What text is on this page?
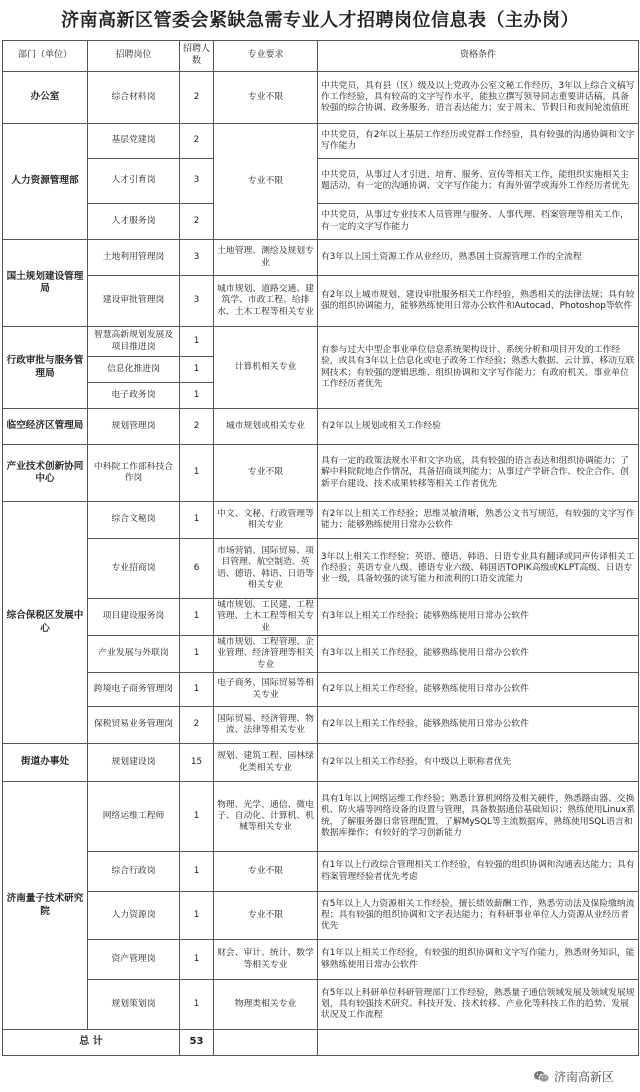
济南高新区管委会紧缺急需专业人才招聘岗位信息表（主办岗）
部门（单位）	招聘岗位	招聘人数	专业要求	资格条件
办公室	综合材料岗	2	专业不限	中共党员，具有县（区）级及以上党政办公室文秘工作经历，3年以上综合文稿写作工作经验，具有较高的文字写作水平，能独立撰写领导同志重要讲话稿，具备较强的综合协调、政务服务、语言表达能力；安于周末、节假日和夜间轮流值班
人力资源管理部	基层党建岗	2	专业不限	中共党员，有2年以上基层工作经历或党群工作经验，具有较强的沟通协调和文字写作能力
	人才引育岗	3		中共党员，从事过人才引进、培育、服务、宣传等相关工作，能组织实施相关主题活动，有一定的沟通协调、文字写作能力；有海外留学或海外工作经历者优先
	人才服务岗	2		中共党员，从事过专业技术人员管理与服务、人事代理、档案管理等相关工作，有一定的文字写作能力
国土规划建设管理局	土地利用管理岗	3	土地管理、测绘及规划专业	有3年以上国土资源工作从业经历，熟悉国土资源管理工作的全流程
	建设审批管理岗	3	城市规划、道路交通、建筑学、市政工程、给排水、土木工程等相关专业	有2年以上城市规划、建设审批服务相关工作经验，熟悉相关的法律法规；具有较强的组织协调能力，能够熟练使用日常办公软件和Autocad、Photoshop等软件
行政审批与服务管理局	智慧高新规划发展及项目推进岗	1	计算机相关专业	有参与过大中型企事业单位信息系统架构设计、系统分析和项目开发的工作经验，或具有3年以上信息化或电子政务工作经验；熟悉大数据、云计算、移动互联网技术；有较强的逻辑思维、组织协调和文字写作能力；有政府机关、事业单位工作经历者优先
	信息化推进岗	1		
	电子政务岗	1		
临空经济区管理局	规划管理岗	2	城市规划或相关专业	有2年以上规划或相关工作经验
产业技术创新协同中心	中科院工作部科技合作岗	1	专业不限	具有一定的政策法规水平和文字功底，具有较强的语言表达和组织协调能力；了解中科院院地合作情况，具备招商谈判能力；从事过产学研合作、校企合作、创新平台建设、技术成果转移等相关工作者优先
综合保税区发展中心	综合文秘岗	1	中文、文秘、行政管理等相关专业	有2年以上相关工作经验；思维灵敏清晰，熟悉公文书写规范，有较强的文字写作能力；能够熟练使用日常办公软件
	专业招商岗	6	市场营销、国际贸易、项目管理、航空制造、英语、德语、韩语、日语等相关专业	3年以上相关工作经验；英语、德语、韩语、日语专业具有翻译或同声传译相关工作经验；英语专业八级、德语专业六级、韩国语TOPIK高级或KLPT高级、日语专业一级，具备较强的读写能力和流利的口语交流能力
	项目建设服务岗	1	城市规划、工民建、工程管理、土木工程等相关专业	有3年以上相关工作经验；能够熟练使用日常办公软件
	产业发展与外联岗	1	城市规划、工程管理、企业管理、经济管理等相关专业	有3年以上相关工作经验，能够熟练使用日常办公软件
	跨境电子商务管理岗	1	电子商务、国际贸易等相关专业	有2年以上相关工作经验，能够熟练使用日常办公软件
	保税贸易业务管理岗	2	国际贸易、经济管理、物流、法律等相关专业	有2年以上相关工作经验，能够熟练使用日常办公软件
街道办事处	规划建设岗	15	规划、建筑工程、园林绿化类相关专业	有2年以上相关工作经验，有中级以上职称者优先
济南量子技术研究院	网络运维工程师	1	物理、光学、通信、微电子、自动化、计算机、机械等相关专业	具有1年以上网络运维工作经验；熟悉计算机网络及相关硬件，熟悉路由器、交换机、防火墙等网络设备的设置与管理，具备数据通信基础知识；熟练使用Linux系统，了解服务器日常管理配置，了解MySQL等主流数据库，熟练使用SQL语言和数据库操作；有较好的学习创新能力
	综合行政岗	1	专业不限	有1年以上行政综合管理相关工作经验，有较强的组织协调和沟通表达能力；具有档案管理经验者优先考虑
	人力资源岗	1	专业不限	有5年以上人力资源相关工作经验，擅长绩效薪酬工作，熟悉劳动法及保险缴纳流程；具有较强的组织协调和文字表达能力；有科研事业单位人力资源从业经历者优先
	资产管理岗	1	财会、审计、统计、数学等相关专业	有1年以上相关工作经验，有较强的组织协调和文字写作能力，熟悉财务知识，能够熟练使用日常办公软件
	规划策划岗	1	物理类相关专业	有5年以上科研单位科研管理部门工作经验，熟悉量子通信领域发展及领域发展规划，具有较强技术研究、科技开发、技术转移、产业化等科技工作的趋势、发展状况及工作流程
总 计		53		
济南高新区
